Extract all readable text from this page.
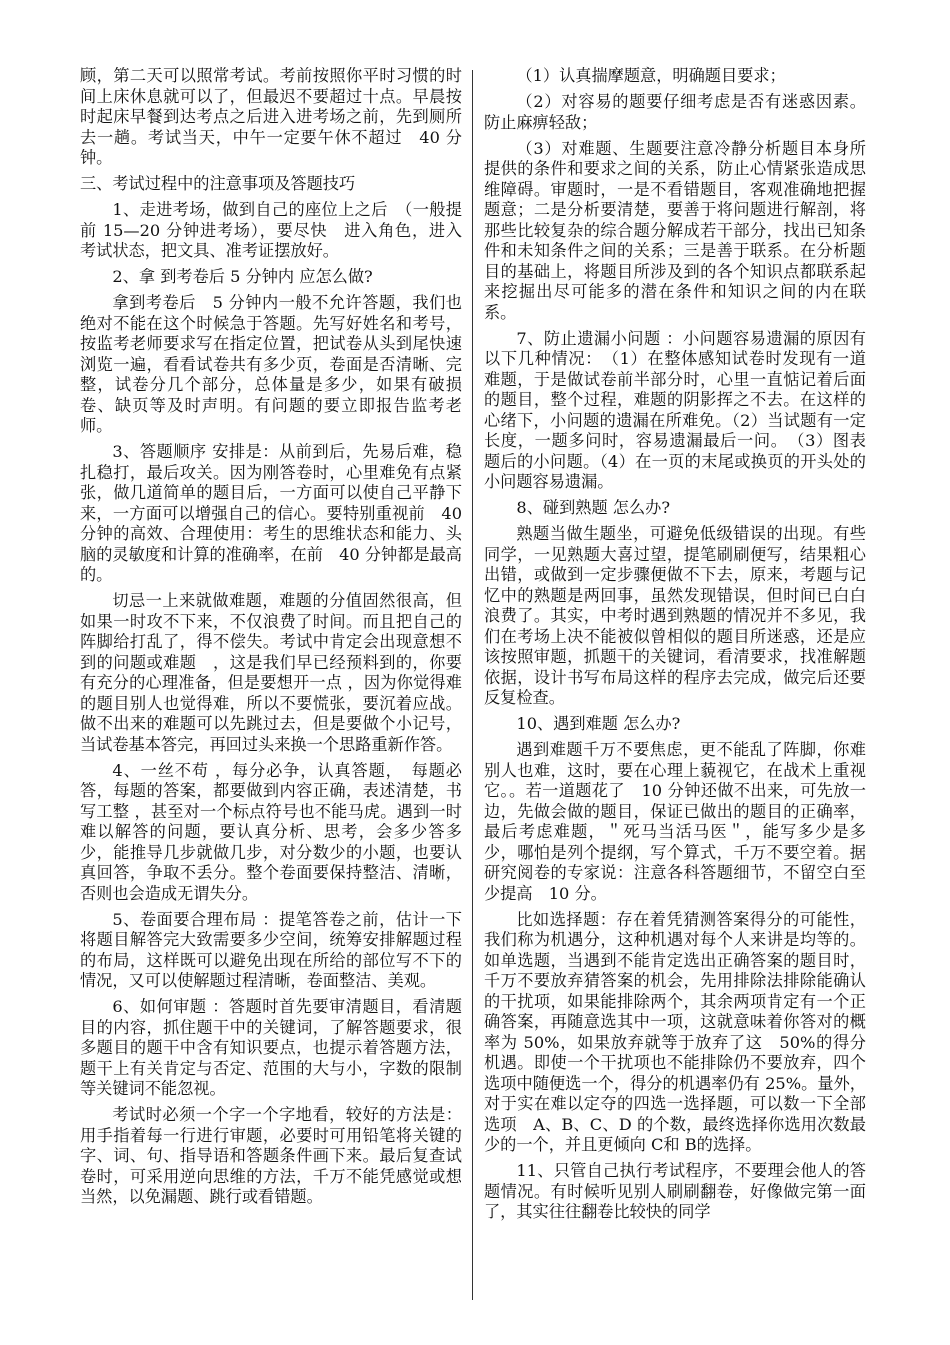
顾，第二天可以照常考试。考前按照你平时习惯的时间上床休息就可以了，但最迟不要超过十点。早晨按时起床早餐到达考点之后进入进考场之前，先到厕所去一趟。考试当天，中午一定要午休不超过　40 分钟。

三、考试过程中的注意事项及答题技巧

1、走进考场，做到自己的座位上之后　（一般提前 15—20 分钟进考场），要尽快　进入角色，进入考试状态，把文具、准考证摆放好。

2、拿 到考卷后 5 分钟内 应怎么做?

拿到考卷后　5 分钟内一般不允许答题，我们也绝对不能在这个时候急于答题。先写好姓名和考号，按监考老师要求写在指定位置，把试卷从头到尾快速浏览一遍，看看试卷共有多少页，卷面是否清晰、完整，试卷分几个部分，总体量是多少，如果有破损卷、缺页等及时声明。有问题的要立即报告监考老师。

3、答题顺序 安排是：从前到后，先易后难，稳扎稳打，最后攻关。因为刚答卷时，心里难免有点紧张，做几道简单的题目后，一方面可以使自己平静下来，一方面可以增强自己的信心。要特别重视前　40 分钟的高效、合理使用：考生的思维状态和能力、头脑的灵敏度和计算的准确率，在前　40 分钟都是最高的。

切忌一上来就做难题，难题的分值固然很高，但如果一时攻不下来，不仅浪费了时间。而且把自己的阵脚给打乱了，得不偿失。考试中肯定会出现意想不到的问题或难题　，这是我们早已经预料到的，你要有充分的心理准备，但是要想开一点 ，因为你觉得难的题目别人也觉得难，所以不要慌张，要沉着应战。做不出来的难题可以先跳过去，但是要做个小记号，当试卷基本答完，再回过头来换一个思路重新作答。

4、一丝不苟 ，每分必争，认真答题，　每题必答，每题的答案，都要做到内容正确，表述清楚，书 写工整 ，甚至对一个标点符号也不能马虎。遇到一时难以解答的问题，要认真分析、思考，会多少答多少，能推导几步就做几步，对分数少的小题，也要认真回答，争取不丢分。整个卷面要保持整洁、清晰，否则也会造成无谓失分。

5、卷面要合理布局 ：提笔答卷之前，估计一下将题目解答完大致需要多少空间，统筹安排解题过程的布局，这样既可以避免出现在所给的部位写不下的情况，又可以使解题过程清晰，卷面整洁、美观。

6、如何审题 ：答题时首先要审清题目，看清题目的内容，抓住题干中的关键词，了解答题要求，很多题目的题干中含有知识要点，也提示着答题方法，题干上有关肯定与否定、范围的大与小，字数的限制等关键词不能忽视。

考试时必须一个字一个字地看，较好的方法是：用手指着每一行进行审题，必要时可用铅笔将关键的字、词、句、指导语和答题条件画下来。最后复查试卷时，可采用逆向思维的方法，千万不能凭感觉或想当然，以免漏题、跳行或看错题。

（1）认真揣摩题意，明确题目要求；

（2）对容易的题要仔细考虑是否有迷惑因素。防止麻痹轻敌；

（3）对难题、生题要注意冷静分析题目本身所提供的条件和要求之间的关系，防止心情紧张造成思维障碍。审题时，一是不看错题目，客观准确地把握题意；二是分析要清楚，要善于将问题进行解剖，将那些比较复杂的综合题分解成若干部分，找出已知条件和未知条件之间的关系；三是善于联系。在分析题目的基础上，将题目所涉及到的各个知识点都联系起来挖掘出尽可能多的潜在条件和知识之间的内在联系。

7、防止遗漏小问题 ：小问题容易遗漏的原因有以下几种情况：　（1）在整体感知试卷时发现有一道难题，于是做试卷前半部分时，心里一直惦记着后面的题目，整个过程，难题的阴影挥之不去。在这样的心绪下，小问题的遗漏在所难免。（2）当试题有一定长度，一题多问时，容易遗漏最后一问。　（3）图表题后的小问题。（4）在一页的末尾或换页的开头处的小问题容易遗漏。

8、碰到熟题 怎么办?

熟题当做生题坐，可避免低级错误的出现。有些同学，一见熟题大喜过望，提笔刷刷便写，结果粗心出错，或做到一定步骤便做不下去，原来，考题与记忆中的熟题是两回事，虽然发现错误，但时间已白白浪费了。其实，中考时遇到熟题的情况并不多见，我们在考场上决不能被似曾相似的题目所迷惑，还是应该按照审题，抓题干的关键词，看清要求，找准解题依据，设计书写布局这样的程序去完成，做完后还要反复检查。

10、遇到难题 怎么办?

遇到难题千万不要焦虑，更不能乱了阵脚，你难别人也难，这时，要在心理上藐视它，在战术上重视它。。若一道题花了　10 分钟还做不出来，可先放一边，先做会做的题目，保证已做出的题目的正确率，最后考虑难题，＂死马当活马医＂，能写多少是多少，哪怕是列个提纲，写个算式，千万不要空着。据研究阅卷的专家说：注意各科答题细节，不留空白至少提高　10 分。

比如选择题：存在着凭猜测答案得分的可能性，我们称为机遇分，这种机遇对每个人来讲是均等的。如单选题，当遇到不能肯定选出正确答案的题目时，千万不要放弃猜答案的机会，先用排除法排除能确认的干扰项，如果能排除两个，其余两项肯定有一个正确答案，再随意选其中一项，这就意味着你答对的概率为 50%，如果放弃就等于放弃了这　50%的得分机遇。即使一个干扰项也不能排除仍不要放弃，四个选项中随便选一个，得分的机遇率仍有 25%。量外，对于实在难以定夺的四选一选择题，可以数一下全部选项　A、B、C、D 的个数，最终选择你选用次数最少的一个，并且更倾向 C和 B的选择。

11、只管自己执行考试程序，不要理会他人的答题情况。有时候听见别人刷刷翻卷，好像做完第一面了，其实往往翻卷比较快的同学
